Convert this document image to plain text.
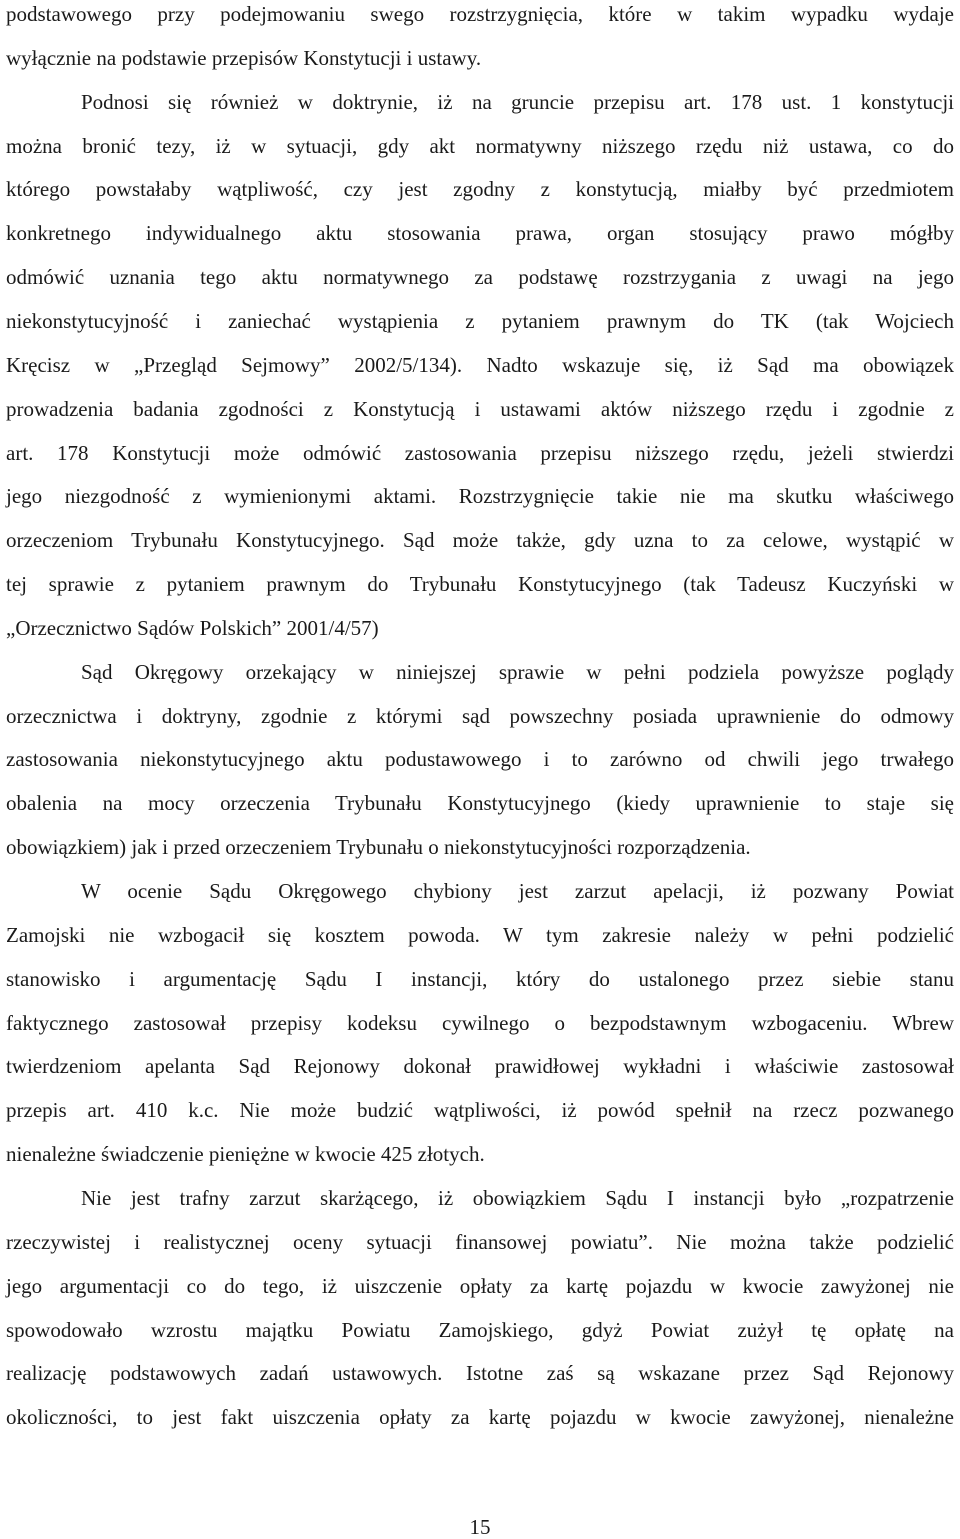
podstawowego przy podejmowaniu swego rozstrzygnięcia, które w takim wypadku wydaje
wyłącznie na podstawie przepisów Konstytucji i ustawy.
Podnosi się również w doktrynie, iż na gruncie przepisu art. 178 ust. 1 konstytucji
można bronić tezy, iż w sytuacji, gdy akt normatywny niższego rzędu niż ustawa, co do
którego powstałaby wątpliwość, czy jest zgodny z konstytucją, miałby być przedmiotem
konkretnego indywidualnego aktu stosowania prawa, organ stosujący prawo mógłby
odmówić uznania tego aktu normatywnego za podstawę rozstrzygania z uwagi na jego
niekonstytucyjność i zaniechać wystąpienia z pytaniem prawnym do TK (tak Wojciech
Kręcisz w „Przegląd Sejmowy” 2002/5/134). Nadto wskazuje się, iż Sąd ma obowiązek
prowadzenia badania zgodności z Konstytucją i ustawami aktów niższego rzędu i zgodnie z
art. 178 Konstytucji może odmówić zastosowania przepisu niższego rzędu, jeżeli stwierdzi
jego niezgodność z wymienionymi aktami. Rozstrzygnięcie takie nie ma skutku właściwego
orzeczeniom Trybunału Konstytucyjnego. Sąd może także, gdy uzna to za celowe, wystąpić w
tej sprawie z pytaniem prawnym do Trybunału Konstytucyjnego (tak Tadeusz Kuczyński w
„Orzecznictwo Sądów Polskich” 2001/4/57)
Sąd Okręgowy orzekający w niniejszej sprawie w pełni podziela powyższe poglądy
orzecznictwa i doktryny, zgodnie z którymi sąd powszechny posiada uprawnienie do odmowy
zastosowania niekonstytucyjnego aktu podustawowego i to zarówno od chwili jego trwałego
obalenia na mocy orzeczenia Trybunału Konstytucyjnego (kiedy uprawnienie to staje się
obowiązkiem) jak i przed orzeczeniem Trybunału o niekonstytucyjności rozporządzenia.
W ocenie Sądu Okręgowego chybiony jest zarzut apelacji, iż pozwany Powiat
Zamojski nie wzbogacił się kosztem powoda. W tym zakresie należy w pełni podzielić
stanowisko i argumentację Sądu I instancji, który do ustalonego przez siebie stanu
faktycznego zastosował przepisy kodeksu cywilnego o bezpodstawnym wzbogaceniu. Wbrew
twierdzeniom apelanta Sąd Rejonowy dokonał prawidłowej wykładni i właściwie zastosował
przepis art. 410 k.c. Nie może budzić wątpliwości, iż powód spełnił na rzecz pozwanego
nienależne świadczenie pieniężne w kwocie 425 złotych.
Nie jest trafny zarzut skarżącego, iż obowiązkiem Sądu I instancji było „rozpatrzenie
rzeczywistej i realistycznej oceny sytuacji finansowej powiatu”. Nie można także podzielić
jego argumentacji co do tego, iż uiszczenie opłaty za kartę pojazdu w kwocie zawyżonej nie
spowodowało wzrostu majątku Powiatu Zamojskiego, gdyż Powiat zużył tę opłatę na
realizację podstawowych zadań ustawowych. Istotne zaś są wskazane przez Sąd Rejonowy
okoliczności, to jest fakt uiszczenia opłaty za kartę pojazdu w kwocie zawyżonej, nienależne
15
